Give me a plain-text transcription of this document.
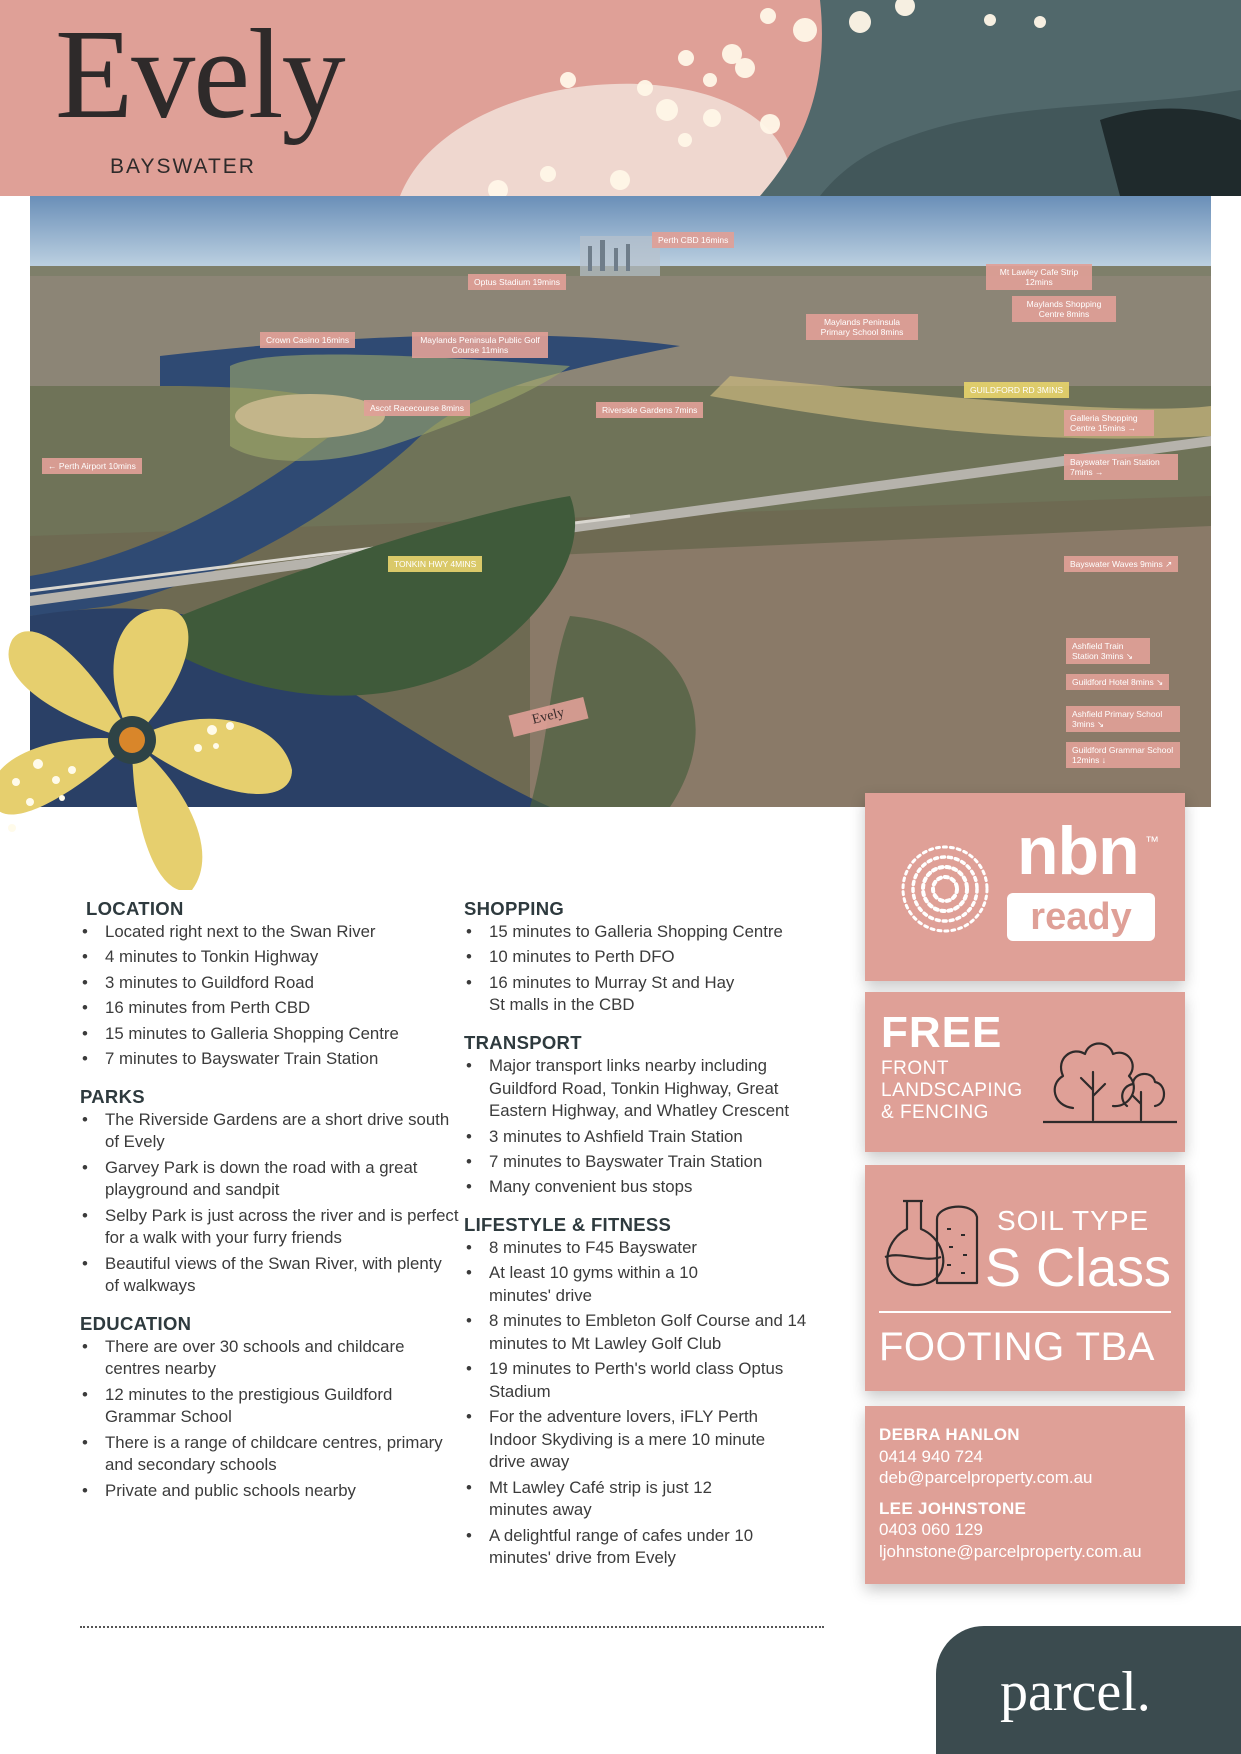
Evely
BAYSWATER
Perth CBD 16mins
Optus Stadium 19mins
Mt Lawley Cafe Strip 12mins
Maylands Shopping Centre 8mins
Crown Casino 16mins	Maylands Peninsula Public Golf Course 11mins
Maylands Peninsula Primary School 8mins
GUILDFORD RD 3MINS
Ascot Racecourse 8mins	Riverside Gardens 7mins
Galleria Shopping Centre 15mins →
← Perth Airport 10mins	Bayswater Train Station 7mins →
TONKIN HWY 4MINS	Bayswater Waves 9mins ↗
Ashfield Train Station 3mins ↘
Guildford Hotel 8mins ↘
Ashfield Primary School 3mins ↘
Guildford Grammar School 12mins ↓
Evely
LOCATION
• Located right next to the Swan River
• 4 minutes to Tonkin Highway
• 3 minutes to Guildford Road
• 16 minutes from Perth CBD
• 15 minutes to Galleria Shopping Centre
• 7 minutes to Bayswater Train Station
PARKS
• The Riverside Gardens are a short drive south of Evely
• Garvey Park is down the road with a great playground and sandpit
• Selby Park is just across the river and is perfect for a walk with your furry friends
• Beautiful views of the Swan River, with plenty of walkways
EDUCATION
• There are over 30 schools and childcare centres nearby
• 12 minutes to the prestigious Guildford Grammar School
• There is a range of childcare centres, primary and secondary schools
• Private and public schools nearby
SHOPPING
• 15 minutes to Galleria Shopping Centre
• 10 minutes to Perth DFO
• 16 minutes to Murray St and Hay St malls in the CBD
TRANSPORT
• Major transport links nearby including Guildford Road, Tonkin Highway, Great Eastern Highway, and Whatley Crescent
• 3 minutes to Ashfield Train Station
• 7 minutes to Bayswater Train Station
• Many convenient bus stops
LIFESTYLE & FITNESS
• 8 minutes to F45 Bayswater
• At least 10 gyms within a 10 minutes' drive
• 8 minutes to Embleton Golf Course and 14 minutes to Mt Lawley Golf Club
• 19 minutes to Perth's world class Optus Stadium
• For the adventure lovers, iFLY Perth Indoor Skydiving is a mere 10 minute drive away
• Mt Lawley Café strip is just 12 minutes away
• A delightful range of cafes under 10 minutes' drive from Evely
nbn ™
ready
FREE
FRONT
LANDSCAPING
& FENCING
SOIL TYPE
S Class
FOOTING TBA
DEBRA HANLON
0414 940 724
deb@parcelproperty.com.au
LEE JOHNSTONE
0403 060 129
ljohnstone@parcelproperty.com.au
parcel.
